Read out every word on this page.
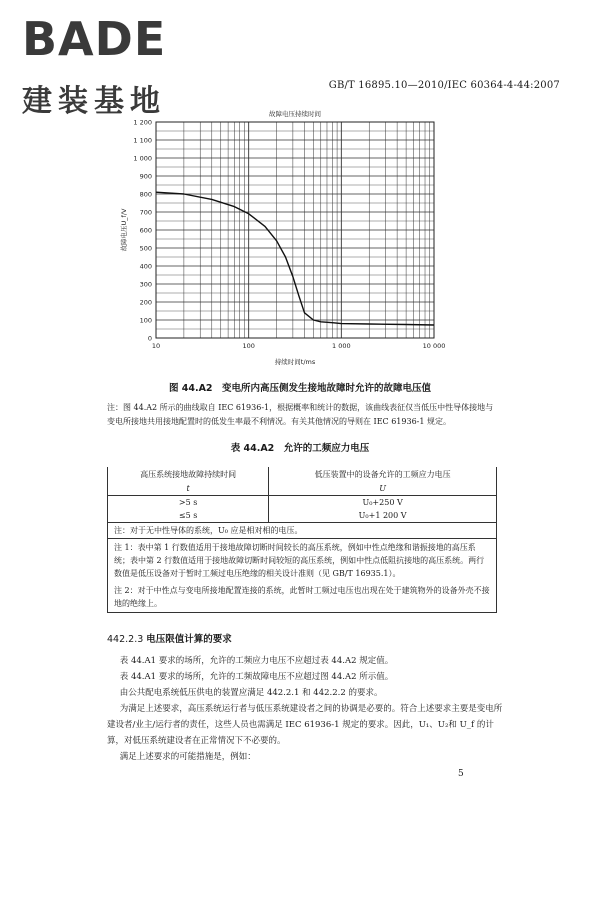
BADE
建装基地	GB/T 16895.10—2010/IEC 60364-4-44:2007
故障电压持续时间
0
100
200
300
400
500
600
700
800
900
1 000
1 100
1 200
10	100	1 000	10 000
持续时间t/ms
故障电压U_f/V
图 44.A2　变电所内高压侧发生接地故障时允许的故障电压值
注：图 44.A2 所示的曲线取自 IEC 61936-1，根据概率和统计的数据，该曲线表征仅当低压中性导体接地与变电所接地共用接地配置时的低发生率最不利情况。有关其他情况的导则在 IEC 61936-1 规定。
表 44.A2　允许的工频应力电压
高压系统接地故障持续时间	低压装置中的设备允许的工频应力电压
t	U
>5 s	U₀+250 V
≤5 s	U₀+1 200 V
注：对于无中性导体的系统，U₀ 应是相对相的电压。	
注 1：表中第 1 行数值适用于接地故障切断时间较长的高压系统，例如中性点绝缘和谐振接地的高压系统；表中第 2 行数值适用于接地故障切断时间较短的高压系统，例如中性点低阻抗接地的高压系统。两行数值是低压设备对于暂时工频过电压绝缘的相关设计准则（见 GB/T 16935.1）。	
注 2：对于中性点与变电所接地配置连接的系统，此暂时工频过电压也出现在处于建筑物外的设备外壳不接地的绝缘上。	
442.2.3 电压限值计算的要求
表 44.A1 要求的场所，允许的工频应力电压不应超过表 44.A2 规定值。
表 44.A1 要求的场所，允许的工频故障电压不应超过图 44.A2 所示值。
由公共配电系统低压供电的装置应满足 442.2.1 和 442.2.2 的要求。
为满足上述要求，高压系统运行者与低压系统建设者之间的协调是必要的。符合上述要求主要是变电所建设者/业主/运行者的责任，这些人员也需满足 IEC 61936-1 规定的要求。因此，U₁、U₂和 U_f 的计算，对低压系统建设者在正常情况下不必要的。
满足上述要求的可能措施是，例如：
5
